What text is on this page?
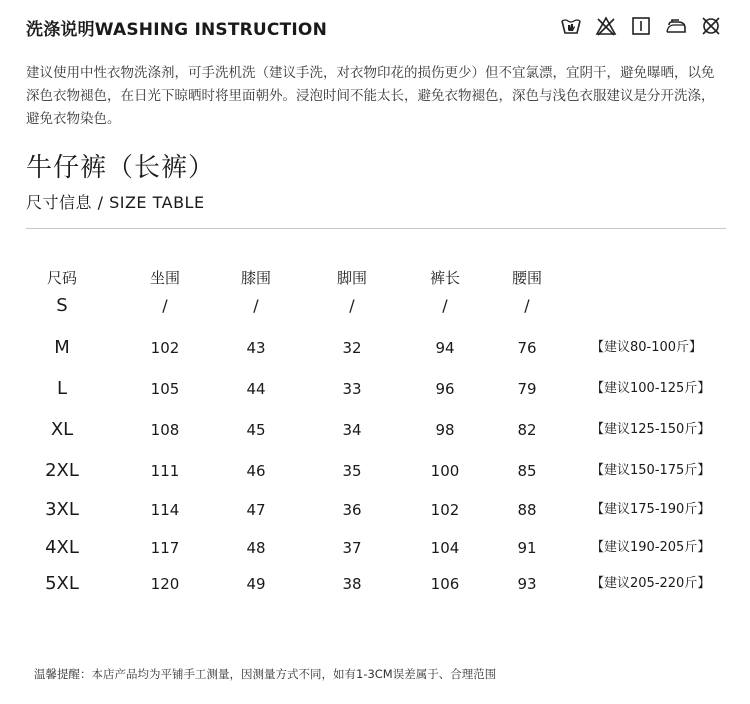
洗涤说明WASHING INSTRUCTION
建议使用中性衣物洗涤剂，可手洗机洗（建议手洗，对衣物印花的损伤更少）但不宜氯漂，宜阴干，避免曝晒，以免深色衣物褪色，在日光下晾晒时将里面朝外。浸泡时间不能太长，避免衣物褪色，深色与浅色衣服建议是分开洗涤，避免衣物染色。
牛仔裤（长裤）
尺寸信息 / SIZE TABLE
尺码	坐围	膝围	脚围	裤长	腰围
S	/	/	/	/	/
M	102	43	32	94	76	【建议80-100斤】
L	105	44	33	96	79	【建议100-125斤】
XL	108	45	34	98	82	【建议125-150斤】
2XL	111	46	35	100	85	【建议150-175斤】
3XL	114	47	36	102	88	【建议175-190斤】
4XL	117	48	37	104	91	【建议190-205斤】
5XL	120	49	38	106	93	【建议205-220斤】
温馨提醒：本店产品均为平铺手工测量，因测量方式不同，如有1-3CM误差属于、合理范围
